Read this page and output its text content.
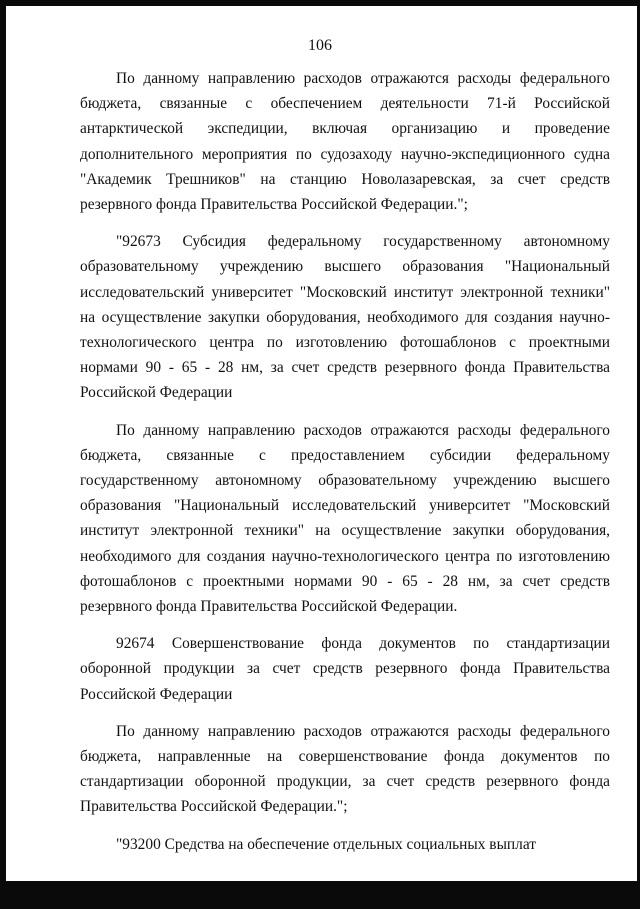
106

По данному направлению расходов отражаются расходы федерального бюджета, связанные с обеспечением деятельности 71-й Российской антарктической экспедиции, включая организацию и проведение дополнительного мероприятия по судозаходу научно-экспедиционного судна "Академик Трешников" на станцию Новолазаревская, за счет средств резервного фонда Правительства Российской Федерации.";

"92673 Субсидия федеральному государственному автономному образовательному учреждению высшего образования "Национальный исследовательский университет "Московский институт электронной техники" на осуществление закупки оборудования, необходимого для создания научно-технологического центра по изготовлению фотошаблонов с проектными нормами 90 - 65 - 28 нм, за счет средств резервного фонда Правительства Российской Федерации

По данному направлению расходов отражаются расходы федерального бюджета, связанные с предоставлением субсидии федеральному государственному автономному образовательному учреждению высшего образования "Национальный исследовательский университет "Московский институт электронной техники" на осуществление закупки оборудования, необходимого для создания научно-технологического центра по изготовлению фотошаблонов с проектными нормами 90 - 65 - 28 нм, за счет средств резервного фонда Правительства Российской Федерации.

92674 Совершенствование фонда документов по стандартизации оборонной продукции за счет средств резервного фонда Правительства Российской Федерации

По данному направлению расходов отражаются расходы федерального бюджета, направленные на совершенствование фонда документов по стандартизации оборонной продукции, за счет средств резервного фонда Правительства Российской Федерации.";

"93200 Средства на обеспечение отдельных социальных выплат
